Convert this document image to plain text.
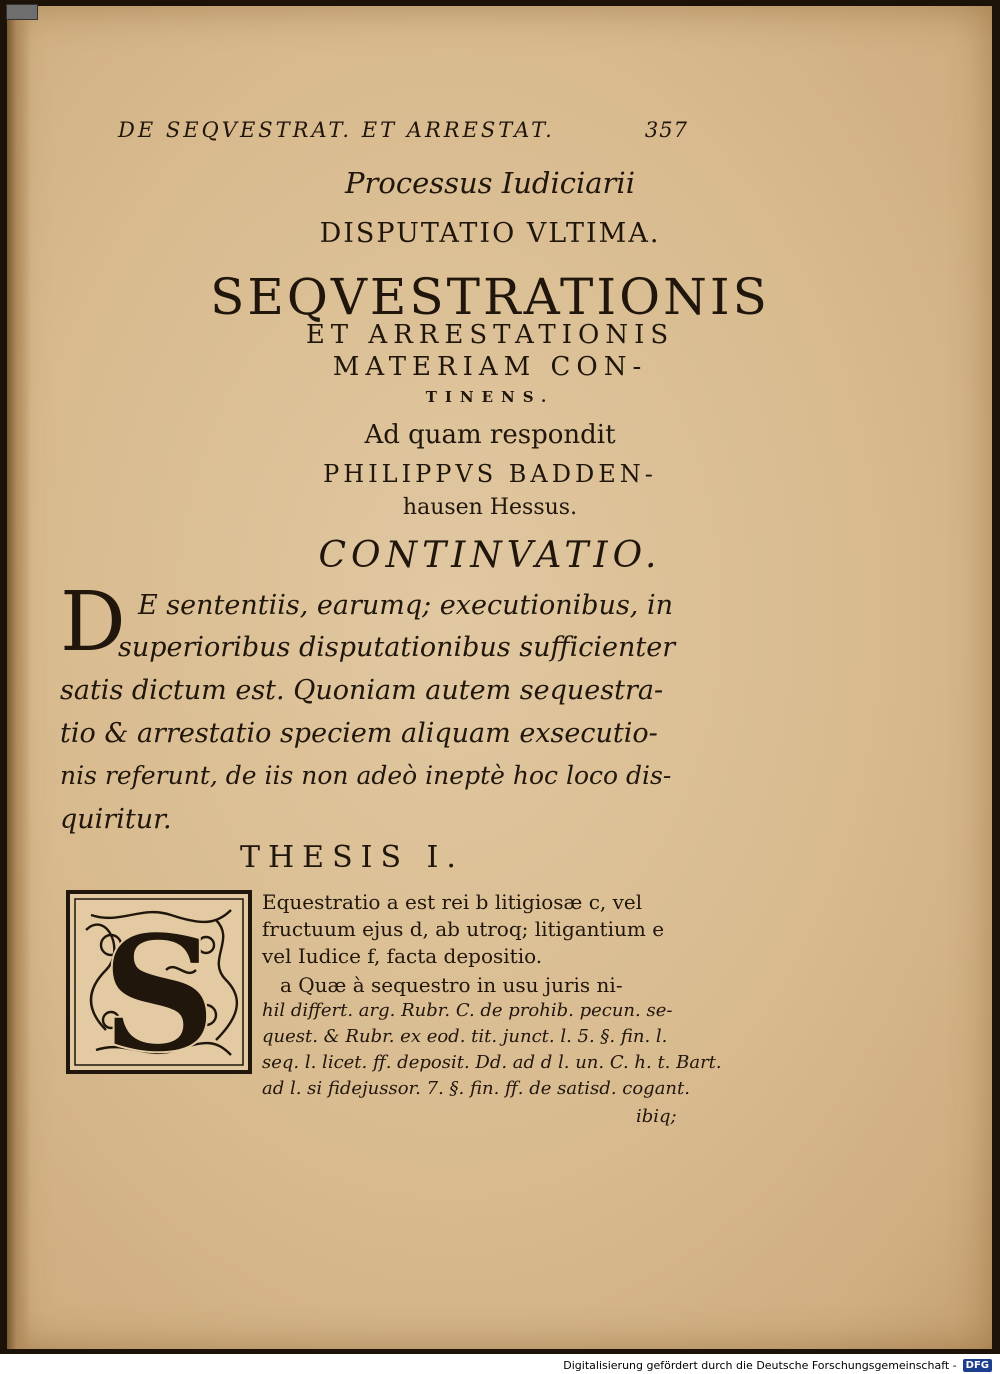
DE SEQVESTRAT. ET ARRESTAT.	357
Processus Iudiciarii
DISPUTATIO VLTIMA.
SEQVESTRATIONIS
ET ARRESTATIONIS
MATERIAM CON-
TINENS.
Ad quam respondit
PHILIPPVS BADDEN-
hausen Hessus.
CONTINVATIO.
D E sententiis, earumq; executionibus, in
superioribus disputationibus sufficienter
satis dictum est. Quoniam autem sequestra-
tio & arrestatio speciem aliquam exsecutio-
nis referunt, de iis non adeò ineptè hoc loco dis-
quiritur.
THESIS I.
S Equestratio a est rei b litigiosæ c, vel
fructuum ejus d, ab utroq; litigantium e
vel Iudice f, facta depositio.
a Quæ à sequestro in usu juris ni-
hil differt. arg. Rubr. C. de prohib. pecun. se-
quest. & Rubr. ex eod. tit. junct. l. 5. §. fin. l.
seq. l. licet. ff. deposit. Dd. ad d l. un. C. h. t. Bart.
ad l. si fidejussor. 7. §. fin. ff. de satisd. cogant.
ibiq;
Digitalisierung gefördert durch die Deutsche Forschungsgemeinschaft - DFG
